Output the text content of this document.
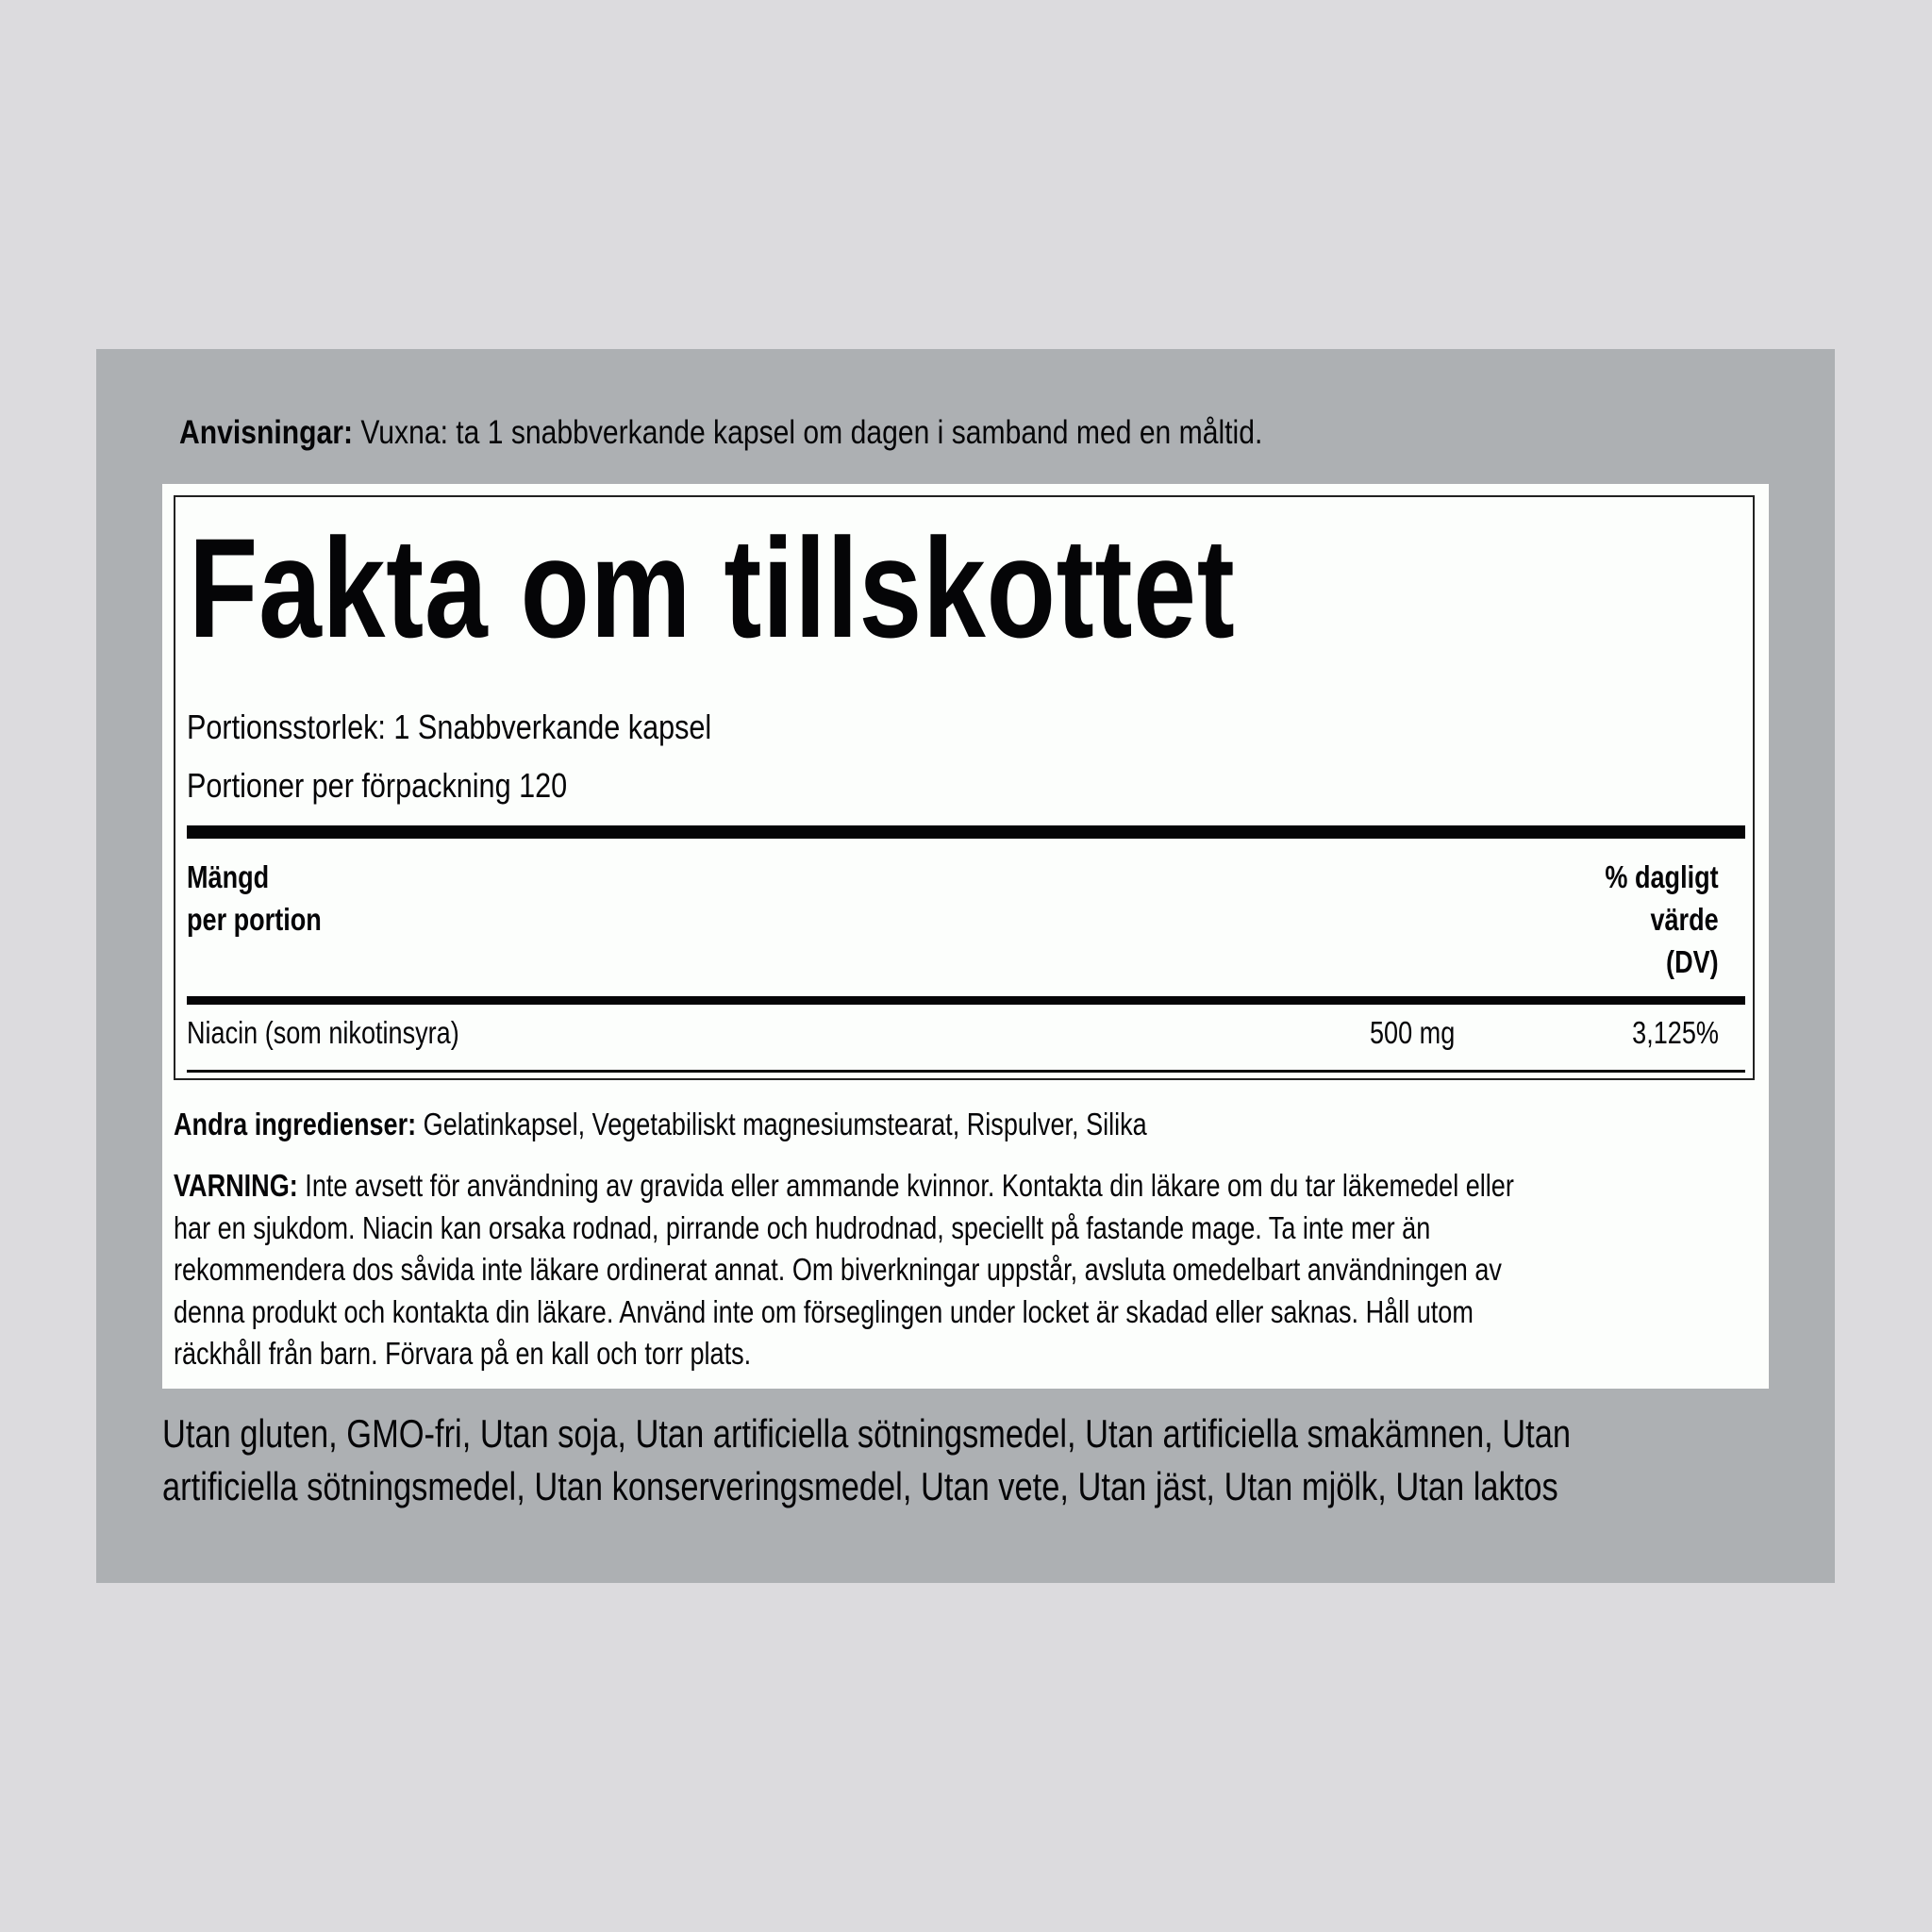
Anvisningar: Vuxna: ta 1 snabbverkande kapsel om dagen i samband med en måltid.
Fakta om tillskottet
Portionsstorlek: 1 Snabbverkande kapsel
Portioner per förpackning 120
Mängd
per portion
% dagligt
värde
(DV)
Niacin (som nikotinsyra)	500 mg	3,125%
Andra ingredienser: Gelatinkapsel, Vegetabiliskt magnesiumstearat, Rispulver, Silika

VARNING: Inte avsett för användning av gravida eller ammande kvinnor. Kontakta din läkare om du tar läkemedel eller

har en sjukdom. Niacin kan orsaka rodnad, pirrande och hudrodnad, speciellt på fastande mage. Ta inte mer än

rekommendera dos såvida inte läkare ordinerat annat. Om biverkningar uppstår, avsluta omedelbart användningen av

denna produkt och kontakta din läkare. Använd inte om förseglingen under locket är skadad eller saknas. Håll utom

räckhåll från barn. Förvara på en kall och torr plats.

Utan gluten, GMO-fri, Utan soja, Utan artificiella sötningsmedel, Utan artificiella smakämnen, Utan

artificiella sötningsmedel, Utan konserveringsmedel, Utan vete, Utan jäst, Utan mjölk, Utan laktos
